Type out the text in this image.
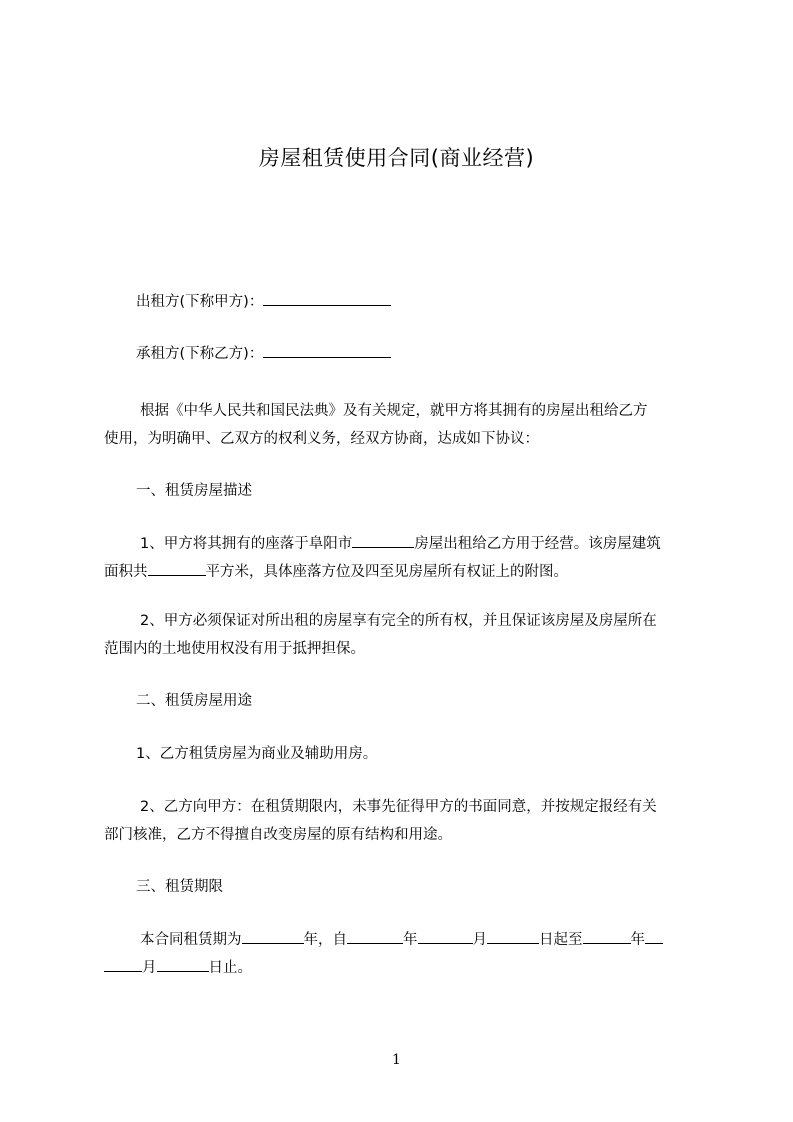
房屋租赁使用合同(商业经营)
出租方(下称甲方)：
承租方(下称乙方)：
根据《中华人民共和国民法典》及有关规定，就甲方将其拥有的房屋出租给乙方
使用，为明确甲、乙双方的权利义务，经双方协商，达成如下协议：
一、租赁房屋描述
1、甲方将其拥有的座落于阜阳市	房屋出租给乙方用于经营。该房屋建筑
面积共	平方米，具体座落方位及四至见房屋所有权证上的附图。
2、甲方必须保证对所出租的房屋享有完全的所有权，并且保证该房屋及房屋所在
范围内的土地使用权没有用于抵押担保。
二、租赁房屋用途
1、乙方租赁房屋为商业及辅助用房。
2、乙方向甲方：在租赁期限内，未事先征得甲方的书面同意，并按规定报经有关
部门核准，乙方不得擅自改变房屋的原有结构和用途。
三、租赁期限
本合同租赁期为	年，自	年	月	日起至	年
月	日止。
1
